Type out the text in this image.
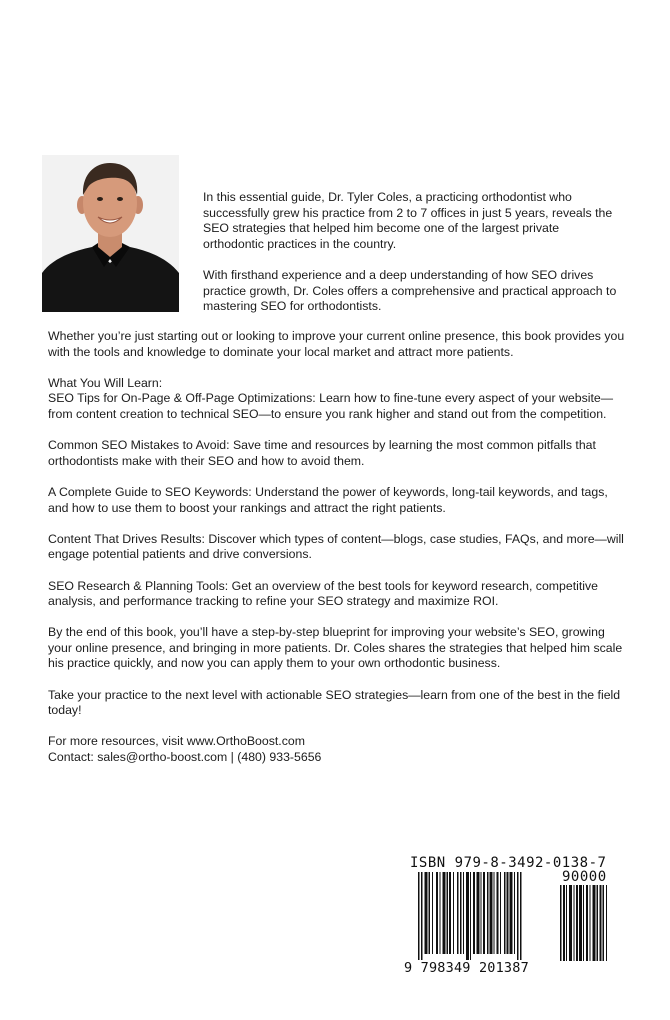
In this essential guide, Dr. Tyler Coles, a practicing orthodontist who successfully grew his practice from 2 to 7 offices in just 5 years, reveals the SEO strategies that helped him become one of the largest private orthodontic practices in the country.

With firsthand experience and a deep understanding of how SEO drives practice growth, Dr. Coles offers a comprehensive and practical approach to mastering SEO for orthodontists.

Whether you’re just starting out or looking to improve your current online presence, this book provides you with the tools and knowledge to dominate your local market and attract more patients.

What You Will Learn:
SEO Tips for On-Page & Off-Page Optimizations: Learn how to fine-tune every aspect of your website—from content creation to technical SEO—to ensure you rank higher and stand out from the competition.

Common SEO Mistakes to Avoid: Save time and resources by learning the most common pitfalls that orthodontists make with their SEO and how to avoid them.

A Complete Guide to SEO Keywords: Understand the power of keywords, long-tail keywords, and tags, and how to use them to boost your rankings and attract the right patients.

Content That Drives Results: Discover which types of content—blogs, case studies, FAQs, and more—will engage potential patients and drive conversions.

SEO Research & Planning Tools: Get an overview of the best tools for keyword research, competitive analysis, and performance tracking to refine your SEO strategy and maximize ROI.

By the end of this book, you’ll have a step-by-step blueprint for improving your website’s SEO, growing your online presence, and bringing in more patients. Dr. Coles shares the strategies that helped him scale his practice quickly, and now you can apply them to your own orthodontic business.

Take your practice to the next level with actionable SEO strategies—learn from one of the best in the field today!

For more resources, visit www.OrthoBoost.com
Contact: sales@ortho-boost.com | (480) 933-5656

ISBN 979-8-3492-0138-7
90000
9 798349 201387
